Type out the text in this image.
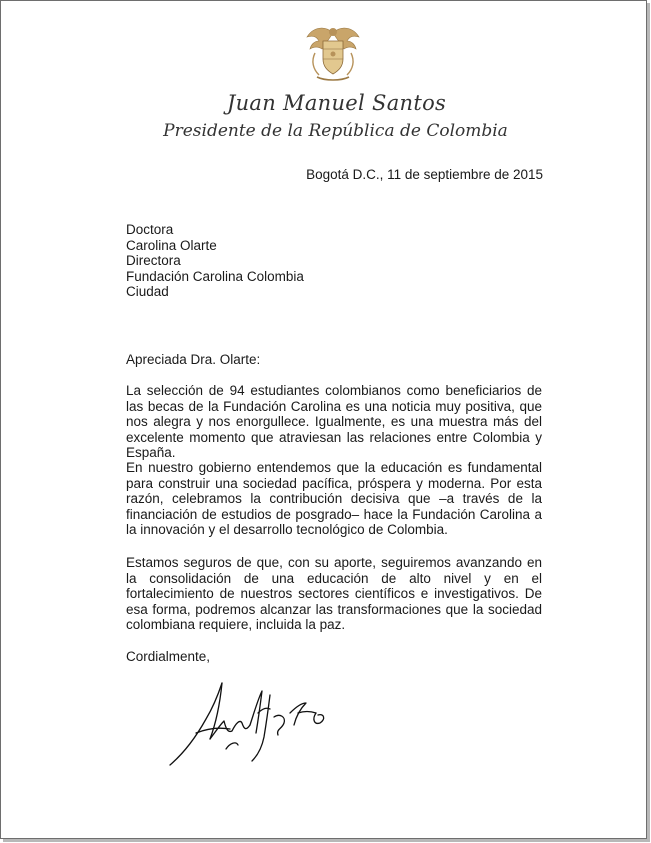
Juan Manuel Santos
Presidente de la República de Colombia
Bogotá D.C., 11 de septiembre de 2015
Doctora
Carolina Olarte
Directora
Fundación Carolina Colombia
Ciudad
Apreciada Dra. Olarte:
La selección de 94 estudiantes colombianos como beneficiarios de las becas de la Fundación Carolina es una noticia muy positiva, que nos alegra y nos enorgullece. Igualmente, es una muestra más del excelente momento que atraviesan las relaciones entre Colombia y España.
En nuestro gobierno entendemos que la educación es fundamental para construir una sociedad pacífica, próspera y moderna. Por esta razón, celebramos la contribución decisiva que –a través de la financiación de estudios de posgrado– hace la Fundación Carolina a la innovación y el desarrollo tecnológico de Colombia.
Estamos seguros de que, con su aporte, seguiremos avanzando en la consolidación de una educación de alto nivel y en el fortalecimiento de nuestros sectores científicos e investigativos. De esa forma, podremos alcanzar las transformaciones que la sociedad colombiana requiere, incluida la paz.
Cordialmente,
